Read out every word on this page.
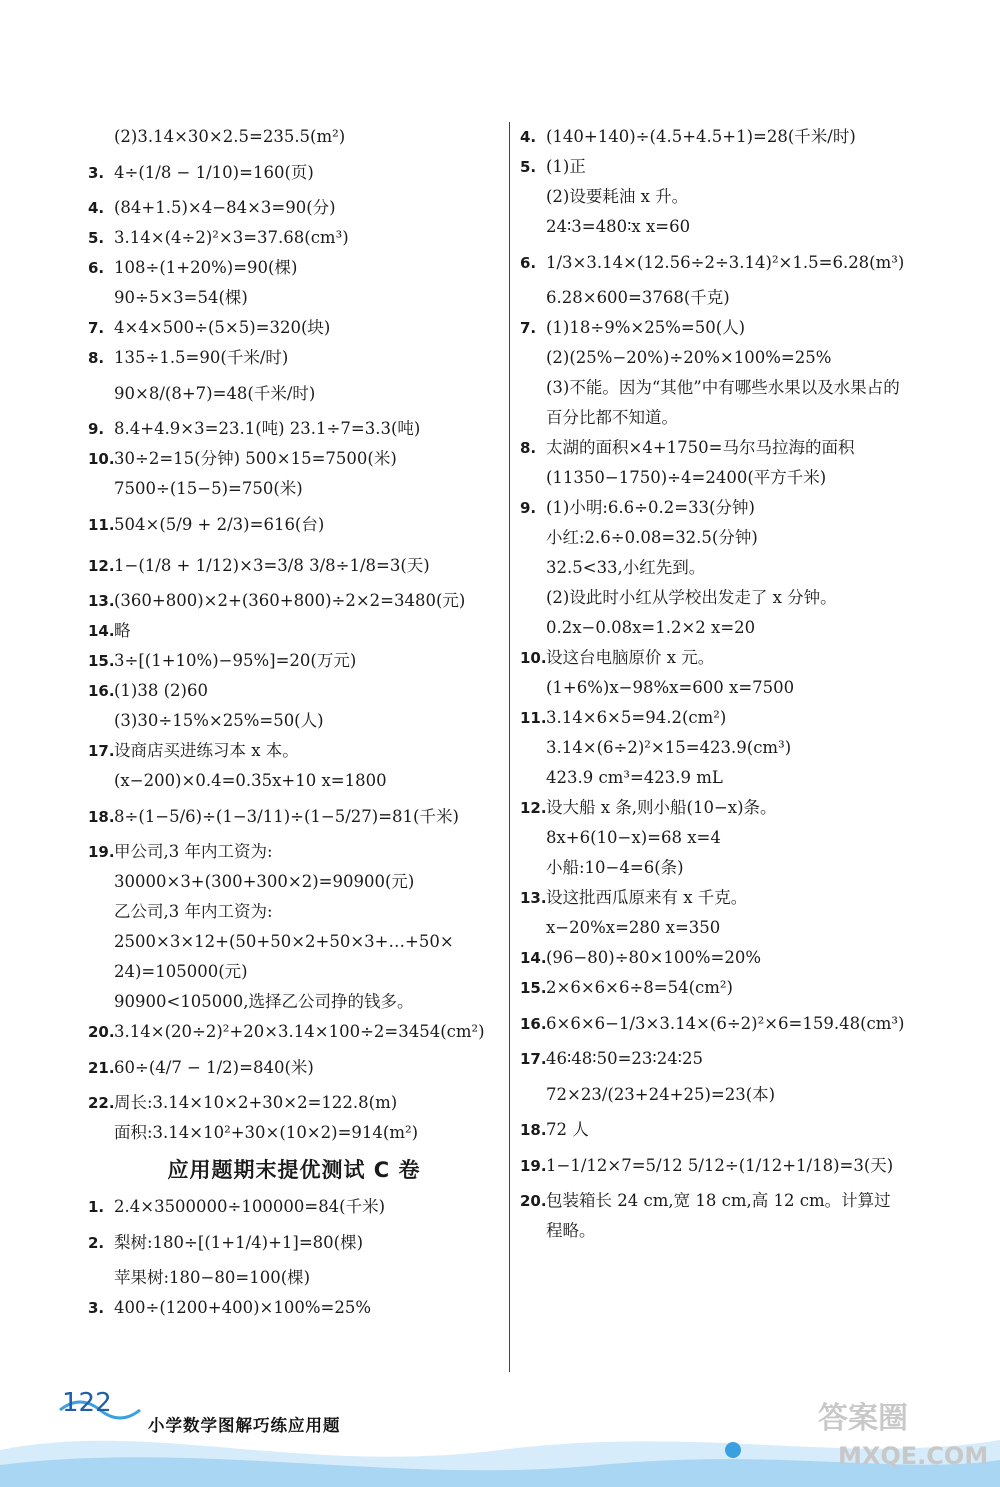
(2)3.14×30×2.5=235.5(m²)
3. 4÷(1/8 − 1/10)=160(页)
4. (84+1.5)×4−84×3=90(分)
5. 3.14×(4÷2)²×3=37.68(cm³)
6. 108÷(1+20%)=90(棵)
90÷5×3=54(棵)
7. 4×4×500÷(5×5)=320(块)
8. 135÷1.5=90(千米/时)
90×8/(8+7)=48(千米/时)
9. 8.4+4.9×3=23.1(吨) 23.1÷7=3.3(吨)
10.30÷2=15(分钟) 500×15=7500(米)
7500÷(15−5)=750(米)
11.504×(5/9 + 2/3)=616(台)
12.1−(1/8 + 1/12)×3=3/8 3/8÷1/8=3(天)
13.(360+800)×2+(360+800)÷2×2=3480(元)
14.略
15.3÷[(1+10%)−95%]=20(万元)
16.(1)38 (2)60
(3)30÷15%×25%=50(人)
17.设商店买进练习本 x 本。
(x−200)×0.4=0.35x+10 x=1800
18.8÷(1−5/6)÷(1−3/11)÷(1−5/27)=81(千米)
19.甲公司,3 年内工资为:
30000×3+(300+300×2)=90900(元)
乙公司,3 年内工资为:
2500×3×12+(50+50×2+50×3+…+50×
24)=105000(元)
90900<105000,选择乙公司挣的钱多。
20.3.14×(20÷2)²+20×3.14×100÷2=3454(cm²)
21.60÷(4/7 − 1/2)=840(米)
22.周长:3.14×10×2+30×2=122.8(m)
面积:3.14×10²+30×(10×2)=914(m²)
应用题期末提优测试 C 卷
1. 2.4×3500000÷100000=84(千米)
2. 梨树:180÷[(1+1/4)+1]=80(棵)
苹果树:180−80=100(棵)
3. 400÷(1200+400)×100%=25%
4. (140+140)÷(4.5+4.5+1)=28(千米/时)
5. (1)正
(2)设要耗油 x 升。
24∶3=480∶x x=60
6. 1/3×3.14×(12.56÷2÷3.14)²×1.5=6.28(m³)
6.28×600=3768(千克)
7. (1)18÷9%×25%=50(人)
(2)(25%−20%)÷20%×100%=25%
(3)不能。因为“其他”中有哪些水果以及水果占的
百分比都不知道。
8. 太湖的面积×4+1750=马尔马拉海的面积
(11350−1750)÷4=2400(平方千米)
9. (1)小明:6.6÷0.2=33(分钟)
小红:2.6÷0.08=32.5(分钟)
32.5<33,小红先到。
(2)设此时小红从学校出发走了 x 分钟。
0.2x−0.08x=1.2×2 x=20
10.设这台电脑原价 x 元。
(1+6%)x−98%x=600 x=7500
11.3.14×6×5=94.2(cm²)
3.14×(6÷2)²×15=423.9(cm³)
423.9 cm³=423.9 mL
12.设大船 x 条,则小船(10−x)条。
8x+6(10−x)=68 x=4
小船:10−4=6(条)
13.设这批西瓜原来有 x 千克。
x−20%x=280 x=350
14.(96−80)÷80×100%=20%
15.2×6×6×6÷8=54(cm²)
16.6×6×6−1/3×3.14×(6÷2)²×6=159.48(cm³)
17.46∶48∶50=23∶24∶25
72×23/(23+24+25)=23(本)
18.72 人
19.1−1/12×7=5/12 5/12÷(1/12+1/18)=3(天)
20.包装箱长 24 cm,宽 18 cm,高 12 cm。计算过
程略。
122
小学数学图解巧练应用题	答案圈
MXQE.COM
